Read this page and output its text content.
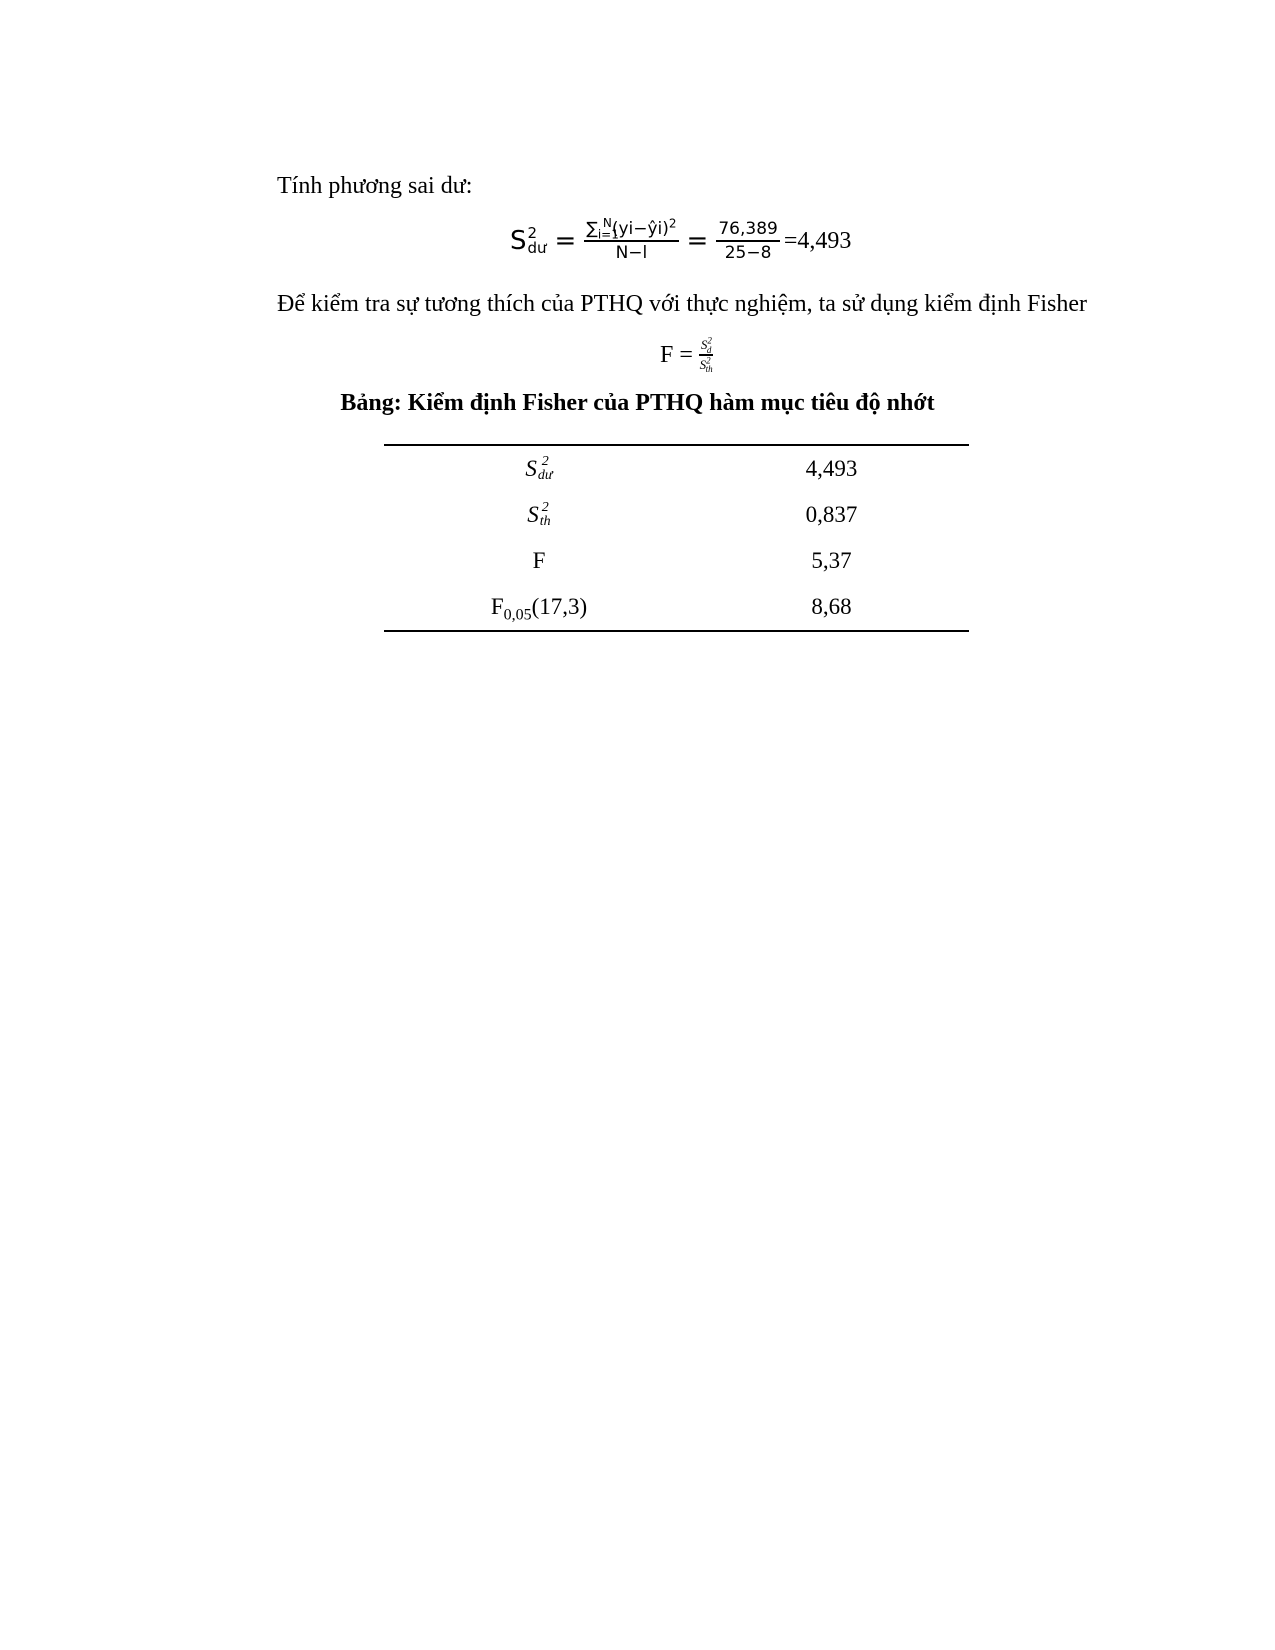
Tính phương sai dư:
S 2
dư = $\frac{\sum_{i=1}^N(yi-ŷi)^2}{N-l} = \frac{76,389}{25-8} =4,493$
Để kiểm tra sự tương thích của PTHQ với thực nghiệm, ta sử dụng kiểm định Fisher
$F = \frac{S^2_d}{S^2_{th}}$
Bảng: Kiểm định Fisher của PTHQ hàm mục tiêu độ nhớt
S 2
dư	4,493
S 2
th	0,837
F	5,37
$F_{0,05}(17,3)$	8,68
